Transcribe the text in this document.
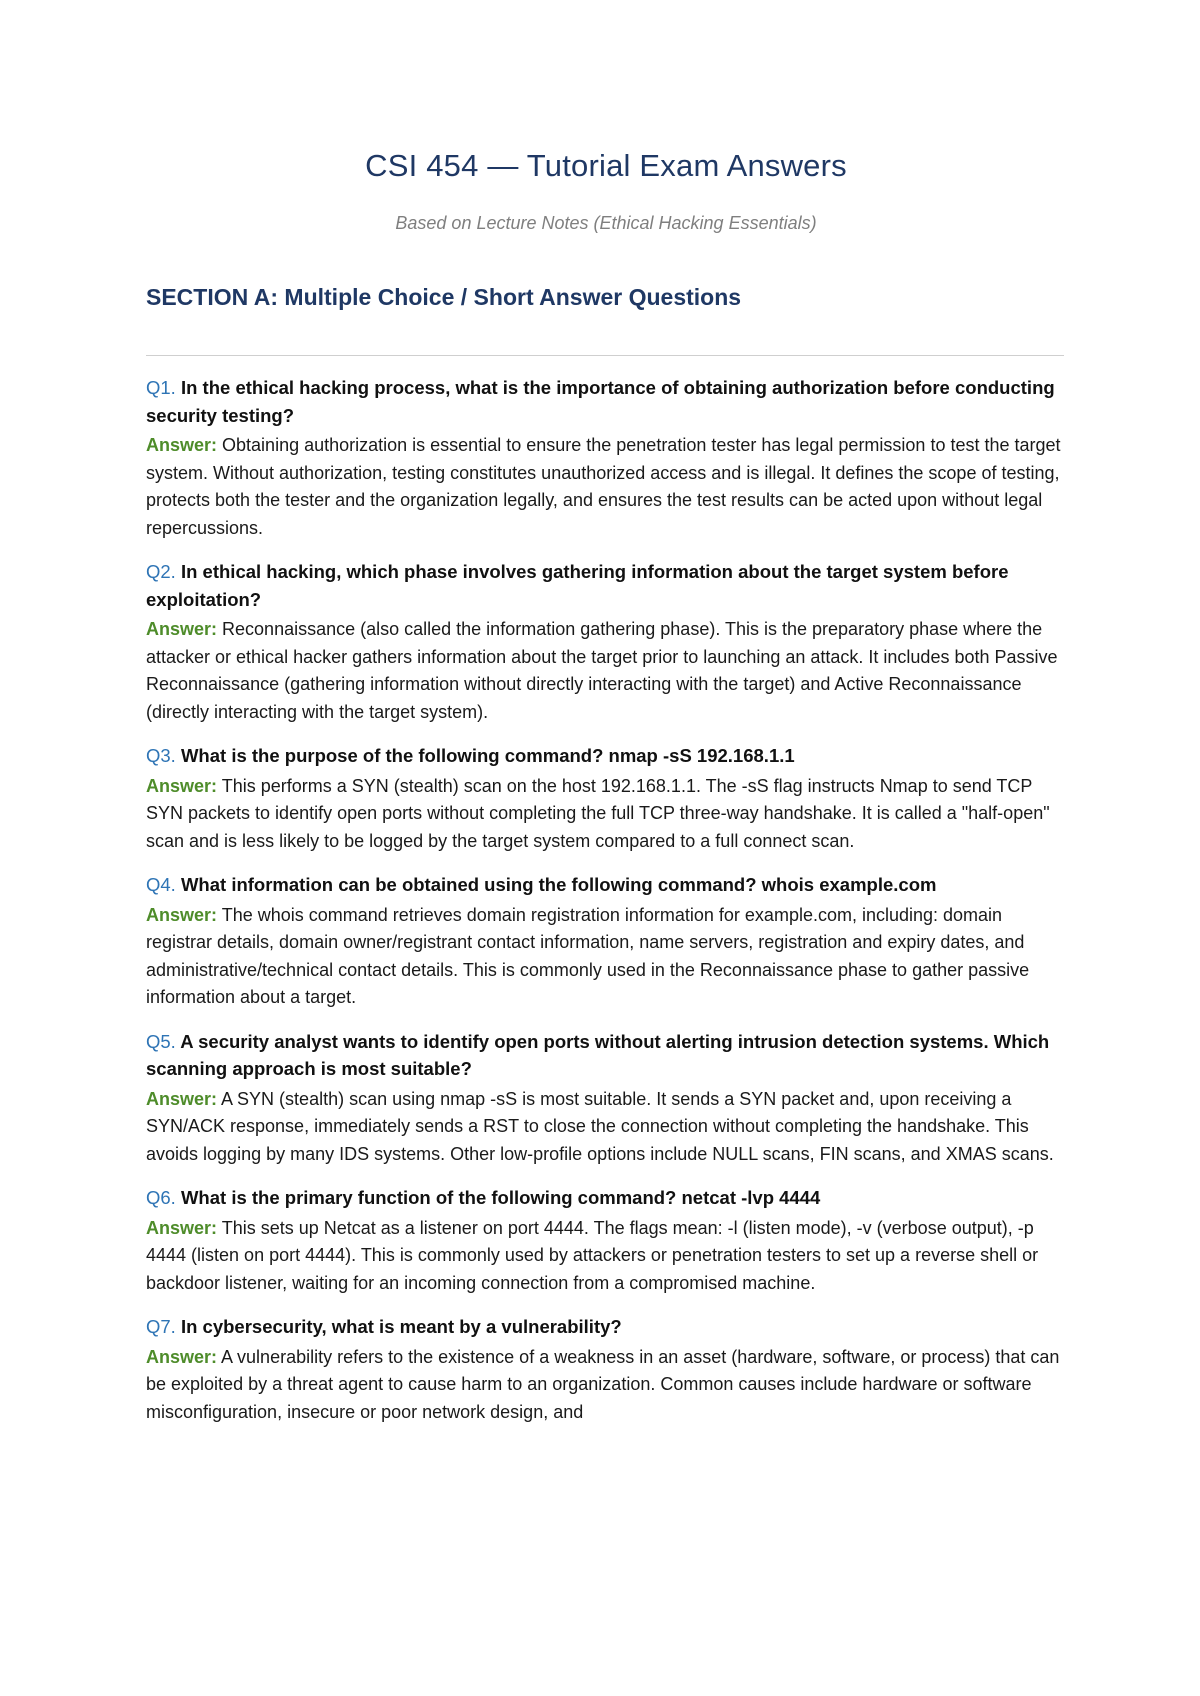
CSI 454 — Tutorial Exam Answers

Based on Lecture Notes (Ethical Hacking Essentials)

SECTION A: Multiple Choice / Short Answer Questions

Q1. In the ethical hacking process, what is the importance of obtaining authorization before conducting security testing?

Answer: Obtaining authorization is essential to ensure the penetration tester has legal permission to test the target system. Without authorization, testing constitutes unauthorized access and is illegal. It defines the scope of testing, protects both the tester and the organization legally, and ensures the test results can be acted upon without legal repercussions.

Q2. In ethical hacking, which phase involves gathering information about the target system before exploitation?

Answer: Reconnaissance (also called the information gathering phase). This is the preparatory phase where the attacker or ethical hacker gathers information about the target prior to launching an attack. It includes both Passive Reconnaissance (gathering information without directly interacting with the target) and Active Reconnaissance (directly interacting with the target system).

Q3. What is the purpose of the following command? nmap -sS 192.168.1.1

Answer: This performs a SYN (stealth) scan on the host 192.168.1.1. The -sS flag instructs Nmap to send TCP SYN packets to identify open ports without completing the full TCP three-way handshake. It is called a "half-open" scan and is less likely to be logged by the target system compared to a full connect scan.

Q4. What information can be obtained using the following command? whois example.com

Answer: The whois command retrieves domain registration information for example.com, including: domain registrar details, domain owner/registrant contact information, name servers, registration and expiry dates, and administrative/technical contact details. This is commonly used in the Reconnaissance phase to gather passive information about a target.

Q5. A security analyst wants to identify open ports without alerting intrusion detection systems. Which scanning approach is most suitable?

Answer: A SYN (stealth) scan using nmap -sS is most suitable. It sends a SYN packet and, upon receiving a SYN/ACK response, immediately sends a RST to close the connection without completing the handshake. This avoids logging by many IDS systems. Other low-profile options include NULL scans, FIN scans, and XMAS scans.

Q6. What is the primary function of the following command? netcat -lvp 4444

Answer: This sets up Netcat as a listener on port 4444. The flags mean: -l (listen mode), -v (verbose output), -p 4444 (listen on port 4444). This is commonly used by attackers or penetration testers to set up a reverse shell or backdoor listener, waiting for an incoming connection from a compromised machine.

Q7. In cybersecurity, what is meant by a vulnerability?

Answer: A vulnerability refers to the existence of a weakness in an asset (hardware, software, or process) that can be exploited by a threat agent to cause harm to an organization. Common causes include hardware or software misconfiguration, insecure or poor network design, and
